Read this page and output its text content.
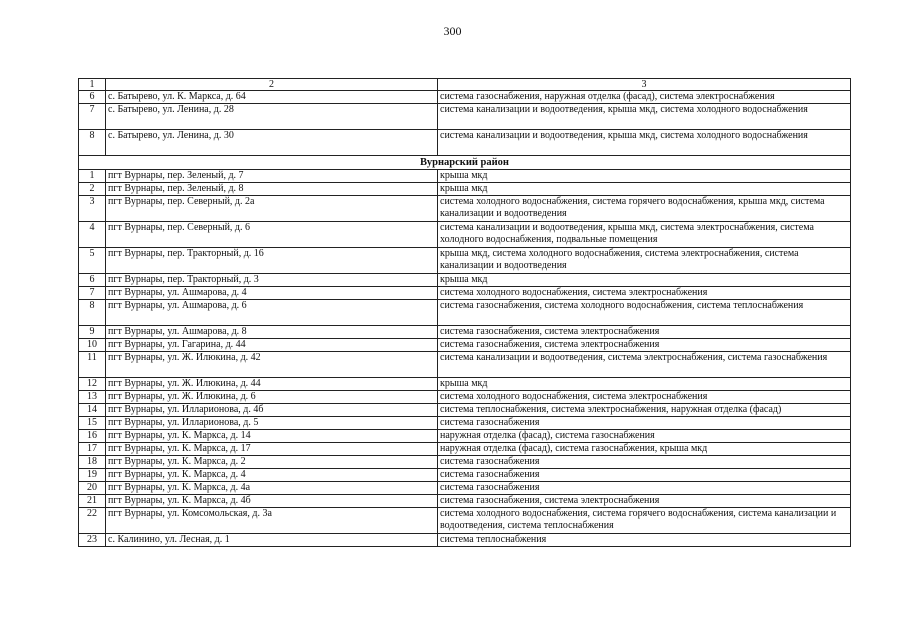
300
1	2	3
6	с. Батырево, ул. К. Маркса, д. 64	система газоснабжения, наружная отделка (фасад), система электроснабжения
7	с. Батырево, ул. Ленина, д. 28	система канализации и водоотведения, крыша мкд, система холодного водоснабжения
8	с. Батырево, ул. Ленина, д. 30	система канализации и водоотведения, крыша мкд, система холодного водоснабжения
Вурнарский район		
1	пгт Вурнары, пер. Зеленый, д. 7	крыша мкд
2	пгт Вурнары, пер. Зеленый, д. 8	крыша мкд
3	пгт Вурнары, пер. Северный, д. 2а	система холодного водоснабжения, система горячего водоснабжения, крыша мкд, система канализации и водоотведения
4	пгт Вурнары, пер. Северный, д. 6	система канализации и водоотведения, крыша мкд, система электроснабжения, система холодного водоснабжения, подвальные помещения
5	пгт Вурнары, пер. Тракторный, д. 16	крыша мкд, система холодного водоснабжения, система электроснабжения, система канализации и водоотведения
6	пгт Вурнары, пер. Тракторный, д. 3	крыша мкд
7	пгт Вурнары, ул. Ашмарова, д. 4	система холодного водоснабжения, система электроснабжения
8	пгт Вурнары, ул. Ашмарова, д. 6	система газоснабжения, система холодного водоснабжения, система теплоснабжения
9	пгт Вурнары, ул. Ашмарова, д. 8	система газоснабжения, система электроснабжения
10	пгт Вурнары, ул. Гагарина, д. 44	система газоснабжения, система электроснабжения
11	пгт Вурнары, ул. Ж. Илюкина, д. 42	система канализации и водоотведения, система электроснабжения, система газоснабжения
12	пгт Вурнары, ул. Ж. Илюкина, д. 44	крыша мкд
13	пгт Вурнары, ул. Ж. Илюкина, д. 6	система холодного водоснабжения, система электроснабжения
14	пгт Вурнары, ул. Илларионова, д. 4б	система теплоснабжения, система электроснабжения, наружная отделка (фасад)
15	пгт Вурнары, ул. Илларионова, д. 5	система газоснабжения
16	пгт Вурнары, ул. К. Маркса, д. 14	наружная отделка (фасад), система газоснабжения
17	пгт Вурнары, ул. К. Маркса, д. 17	наружная отделка (фасад), система газоснабжения, крыша мкд
18	пгт Вурнары, ул. К. Маркса, д. 2	система газоснабжения
19	пгт Вурнары, ул. К. Маркса, д. 4	система газоснабжения
20	пгт Вурнары, ул. К. Маркса, д. 4а	система газоснабжения
21	пгт Вурнары, ул. К. Маркса, д. 4б	система газоснабжения, система электроснабжения
22	пгт Вурнары, ул. Комсомольская, д. 3а	система холодного водоснабжения, система горячего водоснабжения, система канализации и водоотведения, система теплоснабжения
23	с. Калинино, ул. Лесная, д. 1	система теплоснабжения
